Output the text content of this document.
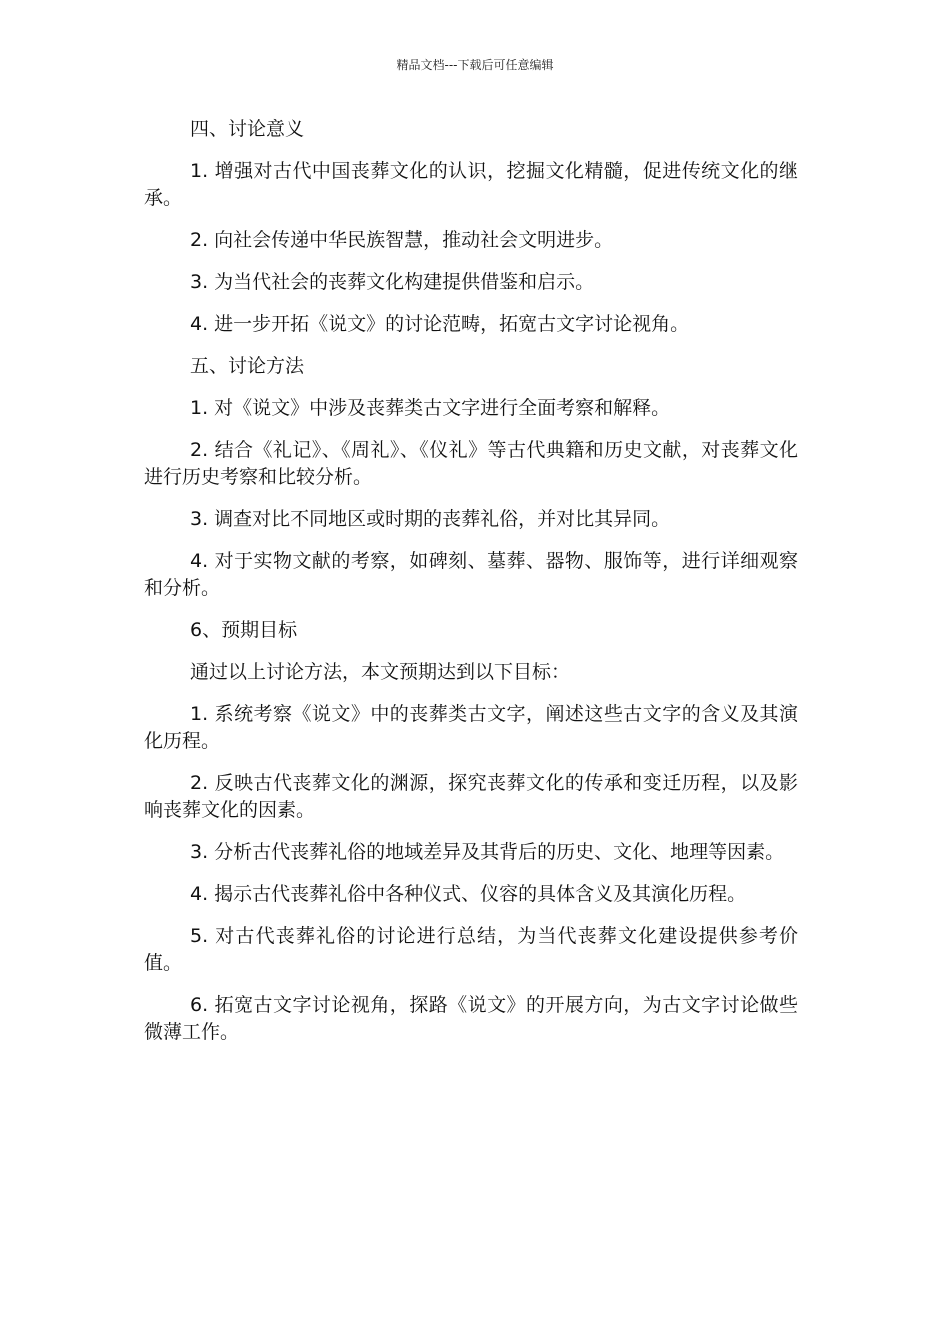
精品文档---下载后可任意编辑

四、讨论意义

1. 增强对古代中国丧葬文化的认识，挖掘文化精髓，促进传统文化的继承。

2. 向社会传递中华民族智慧，推动社会文明进步。

3. 为当代社会的丧葬文化构建提供借鉴和启示。

4. 进一步开拓《说文》的讨论范畴，拓宽古文字讨论视角。

五、讨论方法

1. 对《说文》中涉及丧葬类古文字进行全面考察和解释。

2. 结合《礼记》、《周礼》、《仪礼》等古代典籍和历史文献，对丧葬文化进行历史考察和比较分析。

3. 调查对比不同地区或时期的丧葬礼俗，并对比其异同。

4. 对于实物文献的考察，如碑刻、墓葬、器物、服饰等，进行详细观察和分析。

6、预期目标

通过以上讨论方法，本文预期达到以下目标：

1. 系统考察《说文》中的丧葬类古文字，阐述这些古文字的含义及其演化历程。

2. 反映古代丧葬文化的渊源，探究丧葬文化的传承和变迁历程，以及影响丧葬文化的因素。

3. 分析古代丧葬礼俗的地域差异及其背后的历史、文化、地理等因素。

4. 揭示古代丧葬礼俗中各种仪式、仪容的具体含义及其演化历程。

5. 对古代丧葬礼俗的讨论进行总结，为当代丧葬文化建设提供参考价值。

6. 拓宽古文字讨论视角，探路《说文》的开展方向，为古文字讨论做些微薄工作。
